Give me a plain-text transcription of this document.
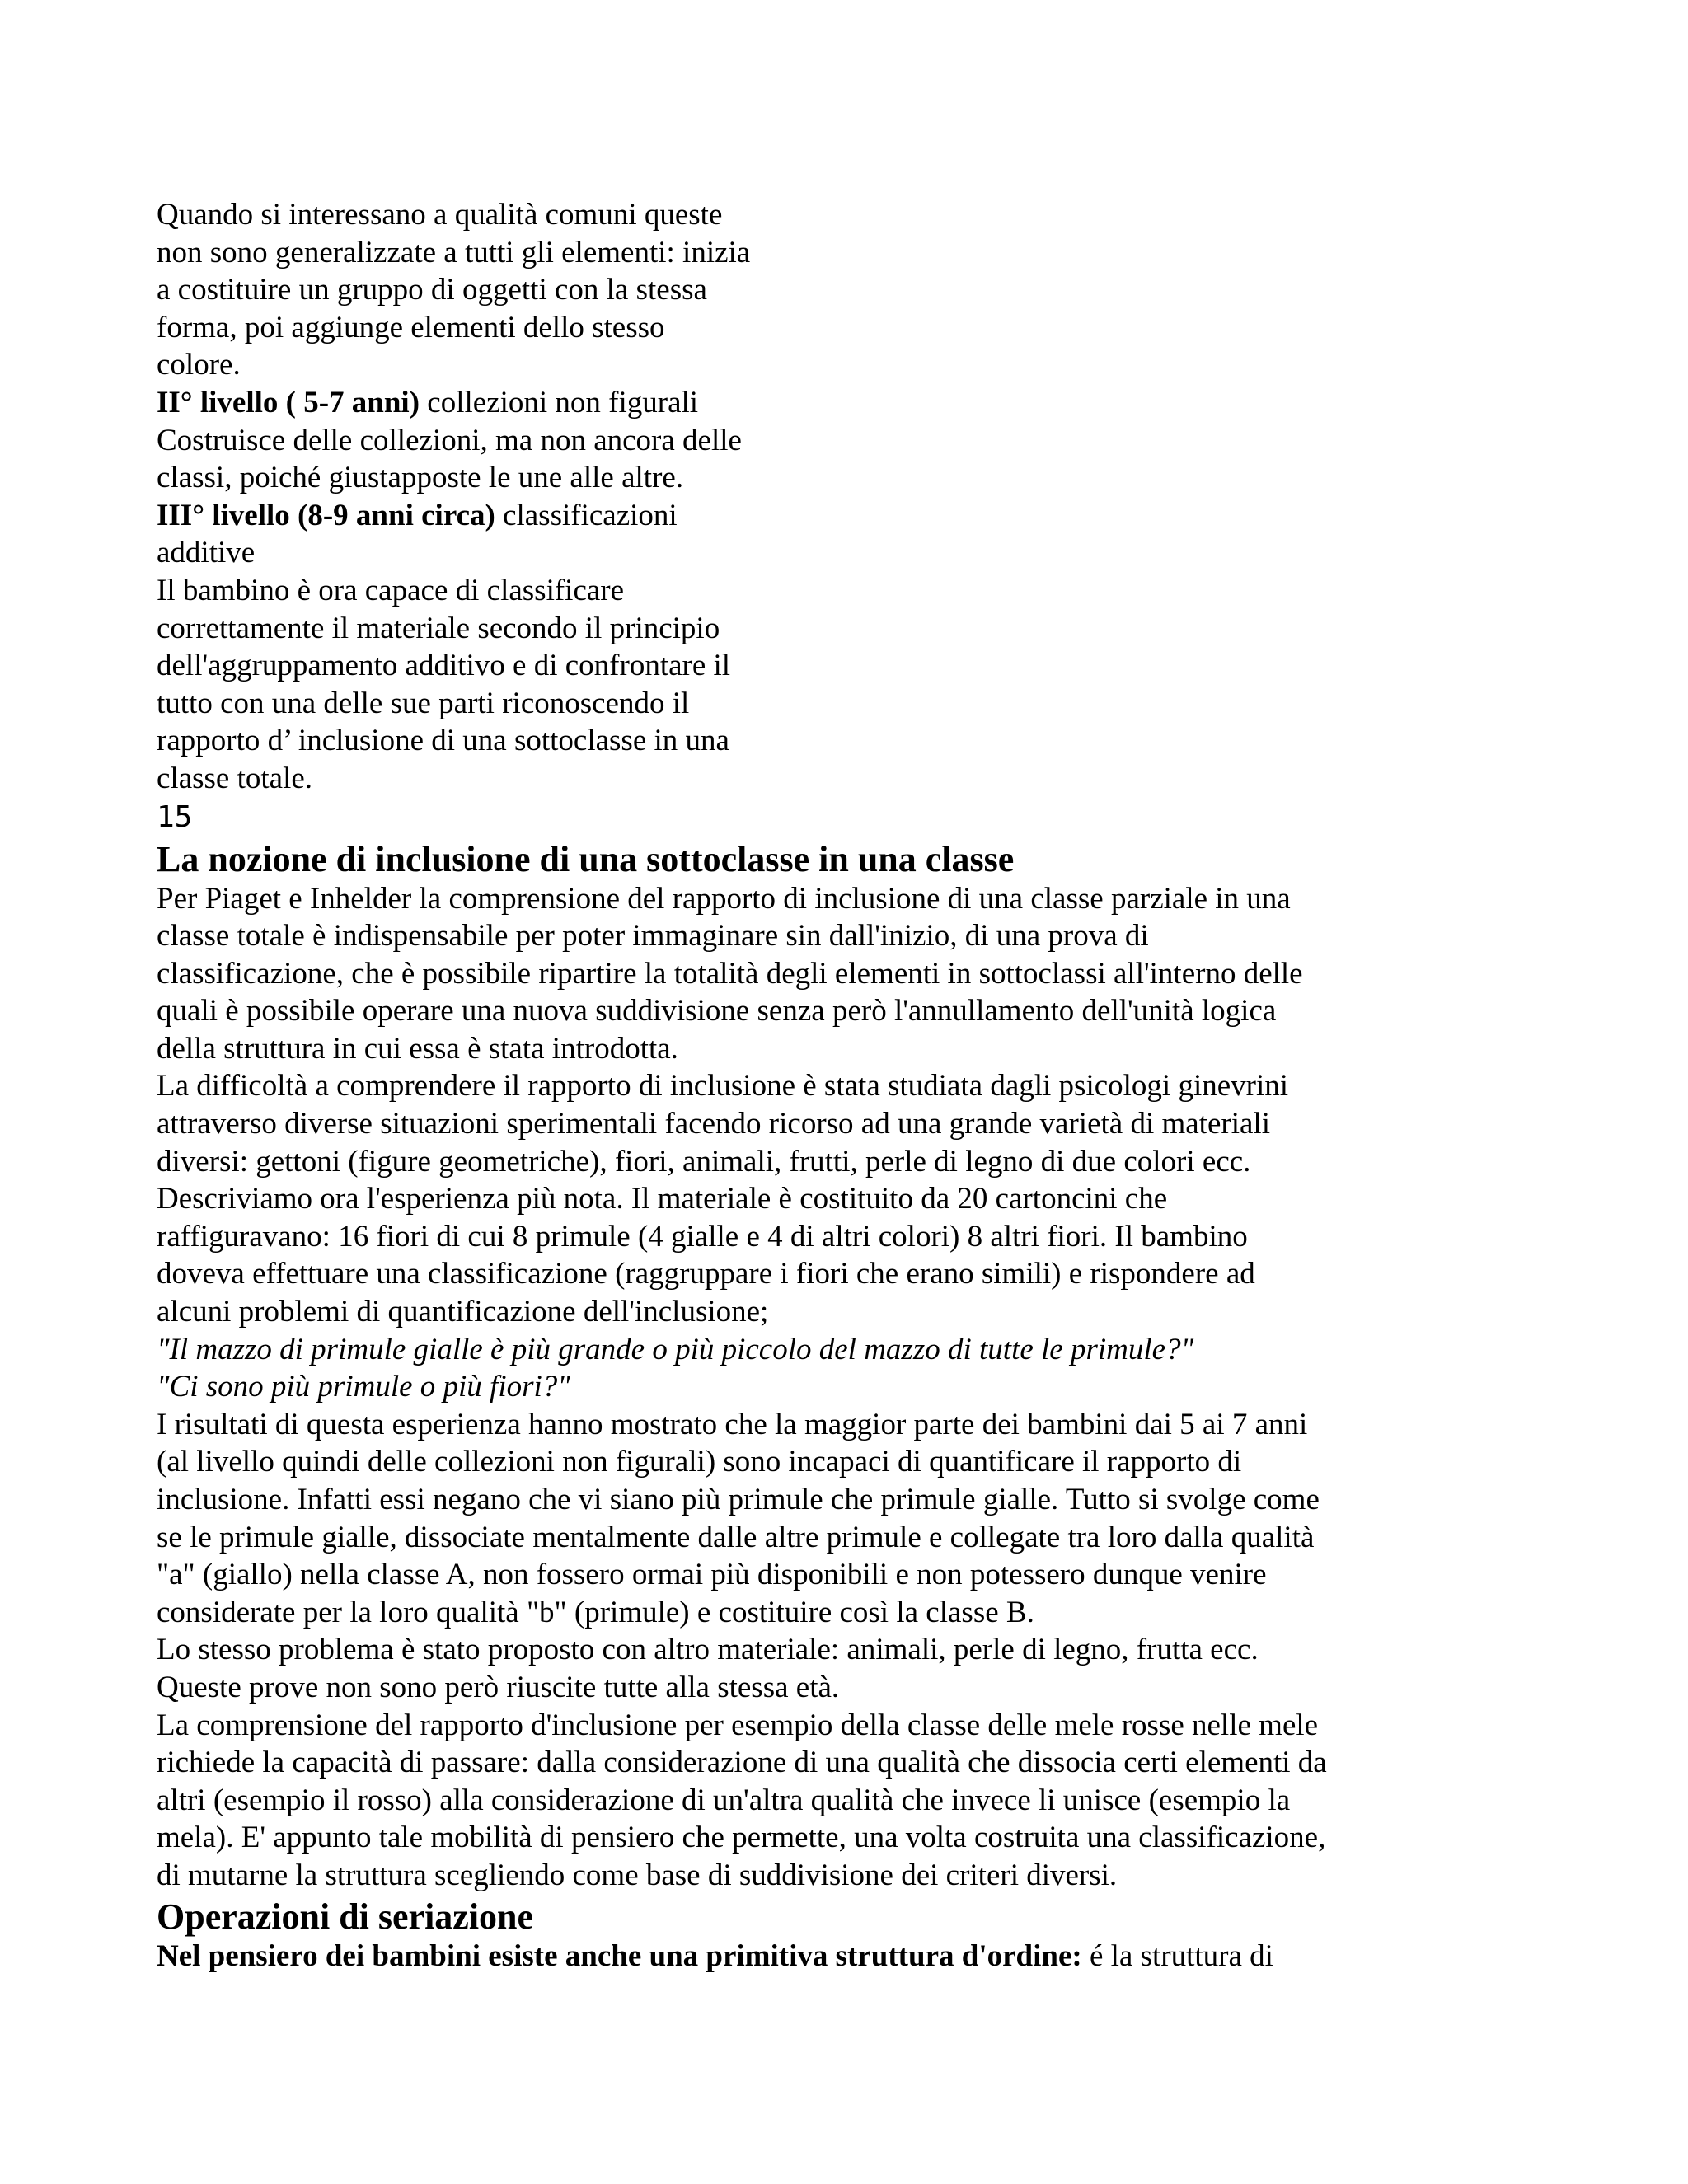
Quando si interessano a qualità comuni queste

non sono generalizzate a tutti gli elementi: inizia

a costituire un gruppo di oggetti con la stessa

forma, poi aggiunge elementi dello stesso

colore.

II° livello ( 5-7 anni) collezioni non figurali

Costruisce delle collezioni, ma non ancora delle

classi, poiché giustapposte le une alle altre.

III° livello (8-9 anni circa) classificazioni

additive

Il bambino è ora capace di classificare

correttamente il materiale secondo il principio

dell'aggruppamento additivo e di confrontare il

tutto con una delle sue parti riconoscendo il

rapporto d’ inclusione di una sottoclasse in una

classe totale.

15
La nozione di inclusione di una sottoclasse in una classe

Per Piaget e Inhelder la comprensione del rapporto di inclusione di una classe parziale in una

classe totale è indispensabile per poter immaginare sin dall'inizio, di una prova di

classificazione, che è possibile ripartire la totalità degli elementi in sottoclassi all'interno delle

quali è possibile operare una nuova suddivisione senza però l'annullamento dell'unità logica

della struttura in cui essa è stata introdotta.

La difficoltà a comprendere il rapporto di inclusione è stata studiata dagli psicologi ginevrini

attraverso diverse situazioni sperimentali facendo ricorso ad una grande varietà di materiali

diversi: gettoni (figure geometriche), fiori, animali, frutti, perle di legno di due colori ecc.

Descriviamo ora l'esperienza più nota. Il materiale è costituito da 20 cartoncini che

raffiguravano: 16 fiori di cui 8 primule (4 gialle e 4 di altri colori) 8 altri fiori. Il bambino

doveva effettuare una classificazione (raggruppare i fiori che erano simili) e rispondere ad

alcuni problemi di quantificazione dell'inclusione;

"Il mazzo di primule gialle è più grande o più piccolo del mazzo di tutte le primule?"

"Ci sono più primule o più fiori?"

I risultati di questa esperienza hanno mostrato che la maggior parte dei bambini dai 5 ai 7 anni

(al livello quindi delle collezioni non figurali) sono incapaci di quantificare il rapporto di

inclusione. Infatti essi negano che vi siano più primule che primule gialle. Tutto si svolge come

se le primule gialle, dissociate mentalmente dalle altre primule e collegate tra loro dalla qualità

"a" (giallo) nella classe A, non fossero ormai più disponibili e non potessero dunque venire

considerate per la loro qualità "b" (primule) e costituire così la classe B.

Lo stesso problema è stato proposto con altro materiale: animali, perle di legno, frutta ecc.

Queste prove non sono però riuscite tutte alla stessa età.

La comprensione del rapporto d'inclusione per esempio della classe delle mele rosse nelle mele

richiede la capacità di passare: dalla considerazione di una qualità che dissocia certi elementi da

altri (esempio il rosso) alla considerazione di un'altra qualità che invece li unisce (esempio la

mela). E' appunto tale mobilità di pensiero che permette, una volta costruita una classificazione,

di mutarne la struttura scegliendo come base di suddivisione dei criteri diversi.

Operazioni di seriazione

Nel pensiero dei bambini esiste anche una primitiva struttura d'ordine: é la struttura di
